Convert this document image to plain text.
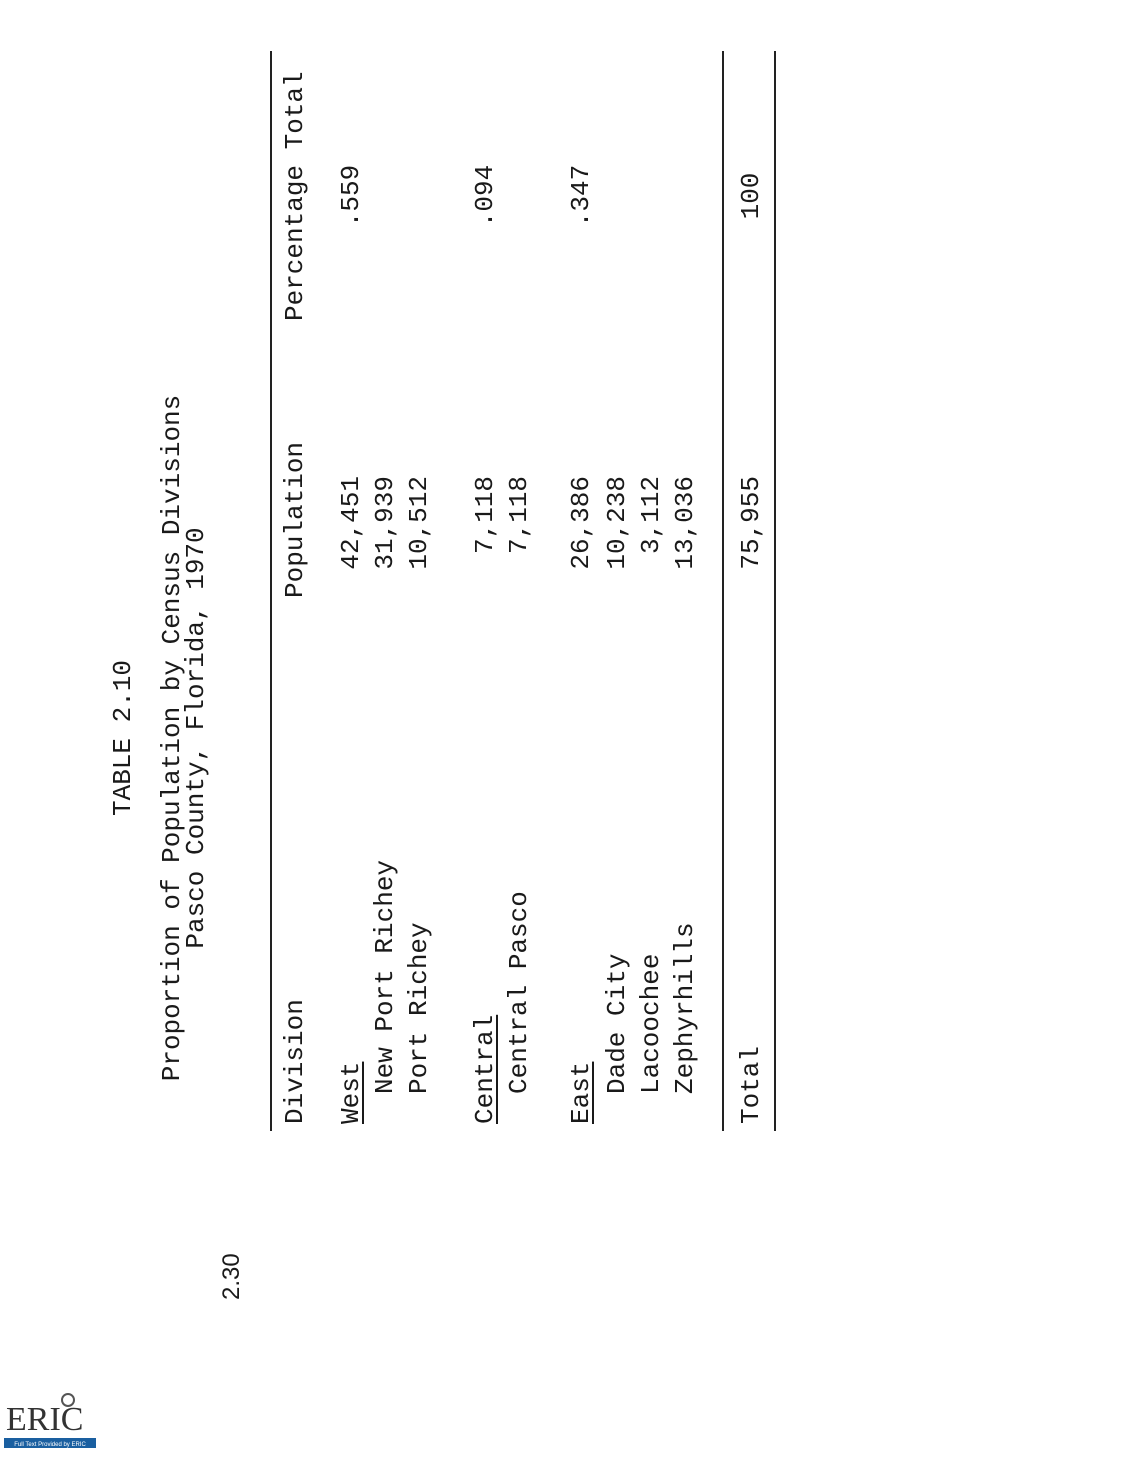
TABLE 2.10 Proportion of Population by Census Divisions
Pasco County, Florida, 1970
Division
Population
Percentage Total
West
42,451
.559
New Port Richey
31,939
Port Richey
10,512
Central
7,118
.094
Central Pasco
7,118
East
26,386
.347
Dade City
10,238
Lacoochee
3,112
Zephyrhills
13,036
Total
75,955
100
2.30
ERIC
Full Text Provided by ERIC
